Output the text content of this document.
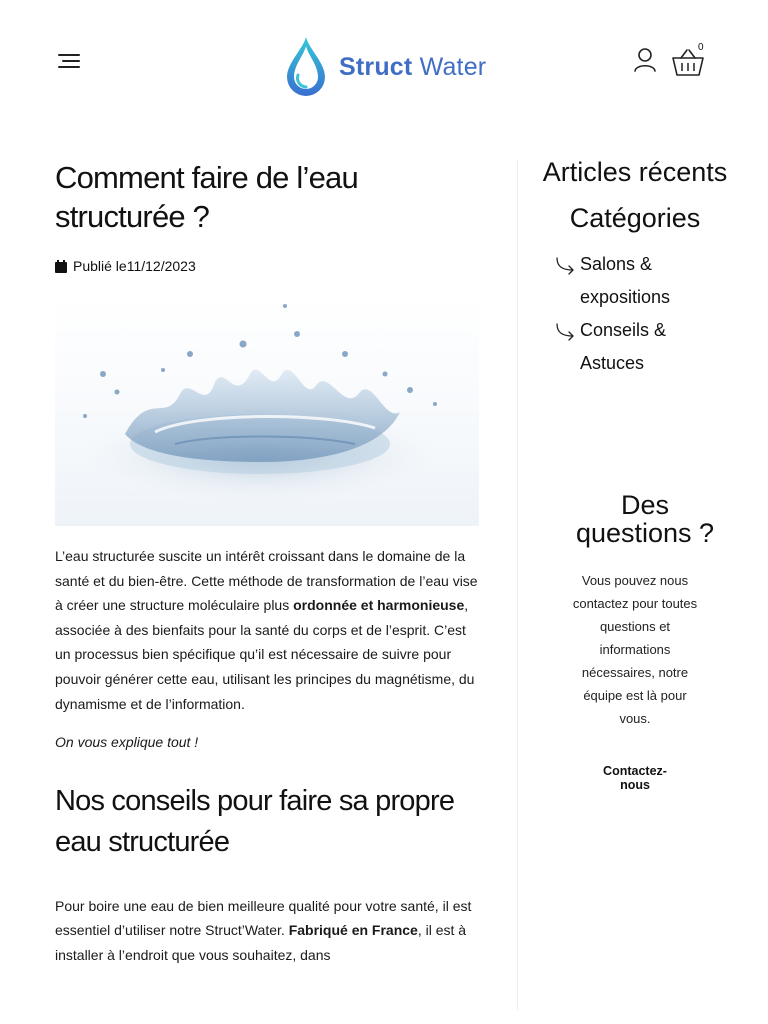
Struct Water
0
Comment faire de l’eau structurée ?
Publié le 11/12/2023

L’eau structurée suscite un intérêt croissant dans le domaine de la santé et du bien-être. Cette méthode de transformation de l’eau vise à créer une structure moléculaire plus ordonnée et harmonieuse, associée à des bienfaits pour la santé du corps et de l’esprit. C’est un processus bien spécifique qu’il est nécessaire de suivre pour pouvoir générer cette eau, utilisant les principes du magnétisme, du dynamisme et de l’information.

On vous explique tout !

Nos conseils pour faire sa propre eau structurée

Pour boire une eau de bien meilleure qualité pour votre santé, il est essentiel d’utiliser notre Struct’Water. Fabriqué en France, il est à installer à l’endroit que vous souhaitez, dans

Articles récents
Catégories
Salons & expositions
Conseils & Astuces
Des questions ?

Vous pouvez nous contactez pour toutes questions et informations nécessaires, notre équipe est là pour vous.

Contactez-nous
